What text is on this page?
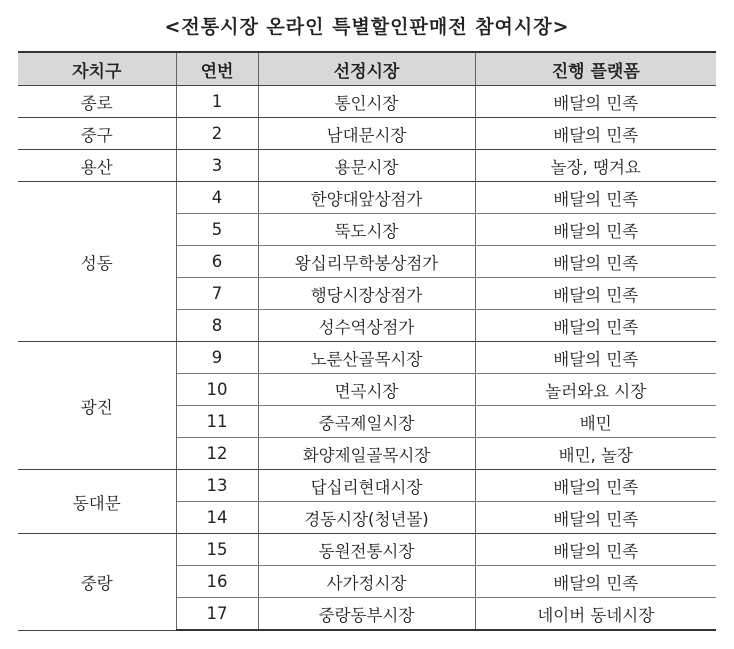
<전통시장 온라인 특별할인판매전 참여시장>
자치구	연번	선정시장	진행 플랫폼
종로	1	통인시장	배달의 민족
중구	2	남대문시장	배달의 민족
용산	3	용문시장	놀장, 땡겨요
성동	4	한양대앞상점가	배달의 민족
	5	뚝도시장	배달의 민족
	6	왕십리무학봉상점가	배달의 민족
	7	행당시장상점가	배달의 민족
	8	성수역상점가	배달의 민족
광진	9	노룬산골목시장	배달의 민족
	10	면곡시장	놀러와요 시장
	11	중곡제일시장	배민
	12	화양제일골목시장	배민, 놀장
동대문	13	답십리현대시장	배달의 민족
	14	경동시장(청년몰)	배달의 민족
중랑	15	동원전통시장	배달의 민족
	16	사가정시장	배달의 민족
	17	중랑동부시장	네이버 동네시장
